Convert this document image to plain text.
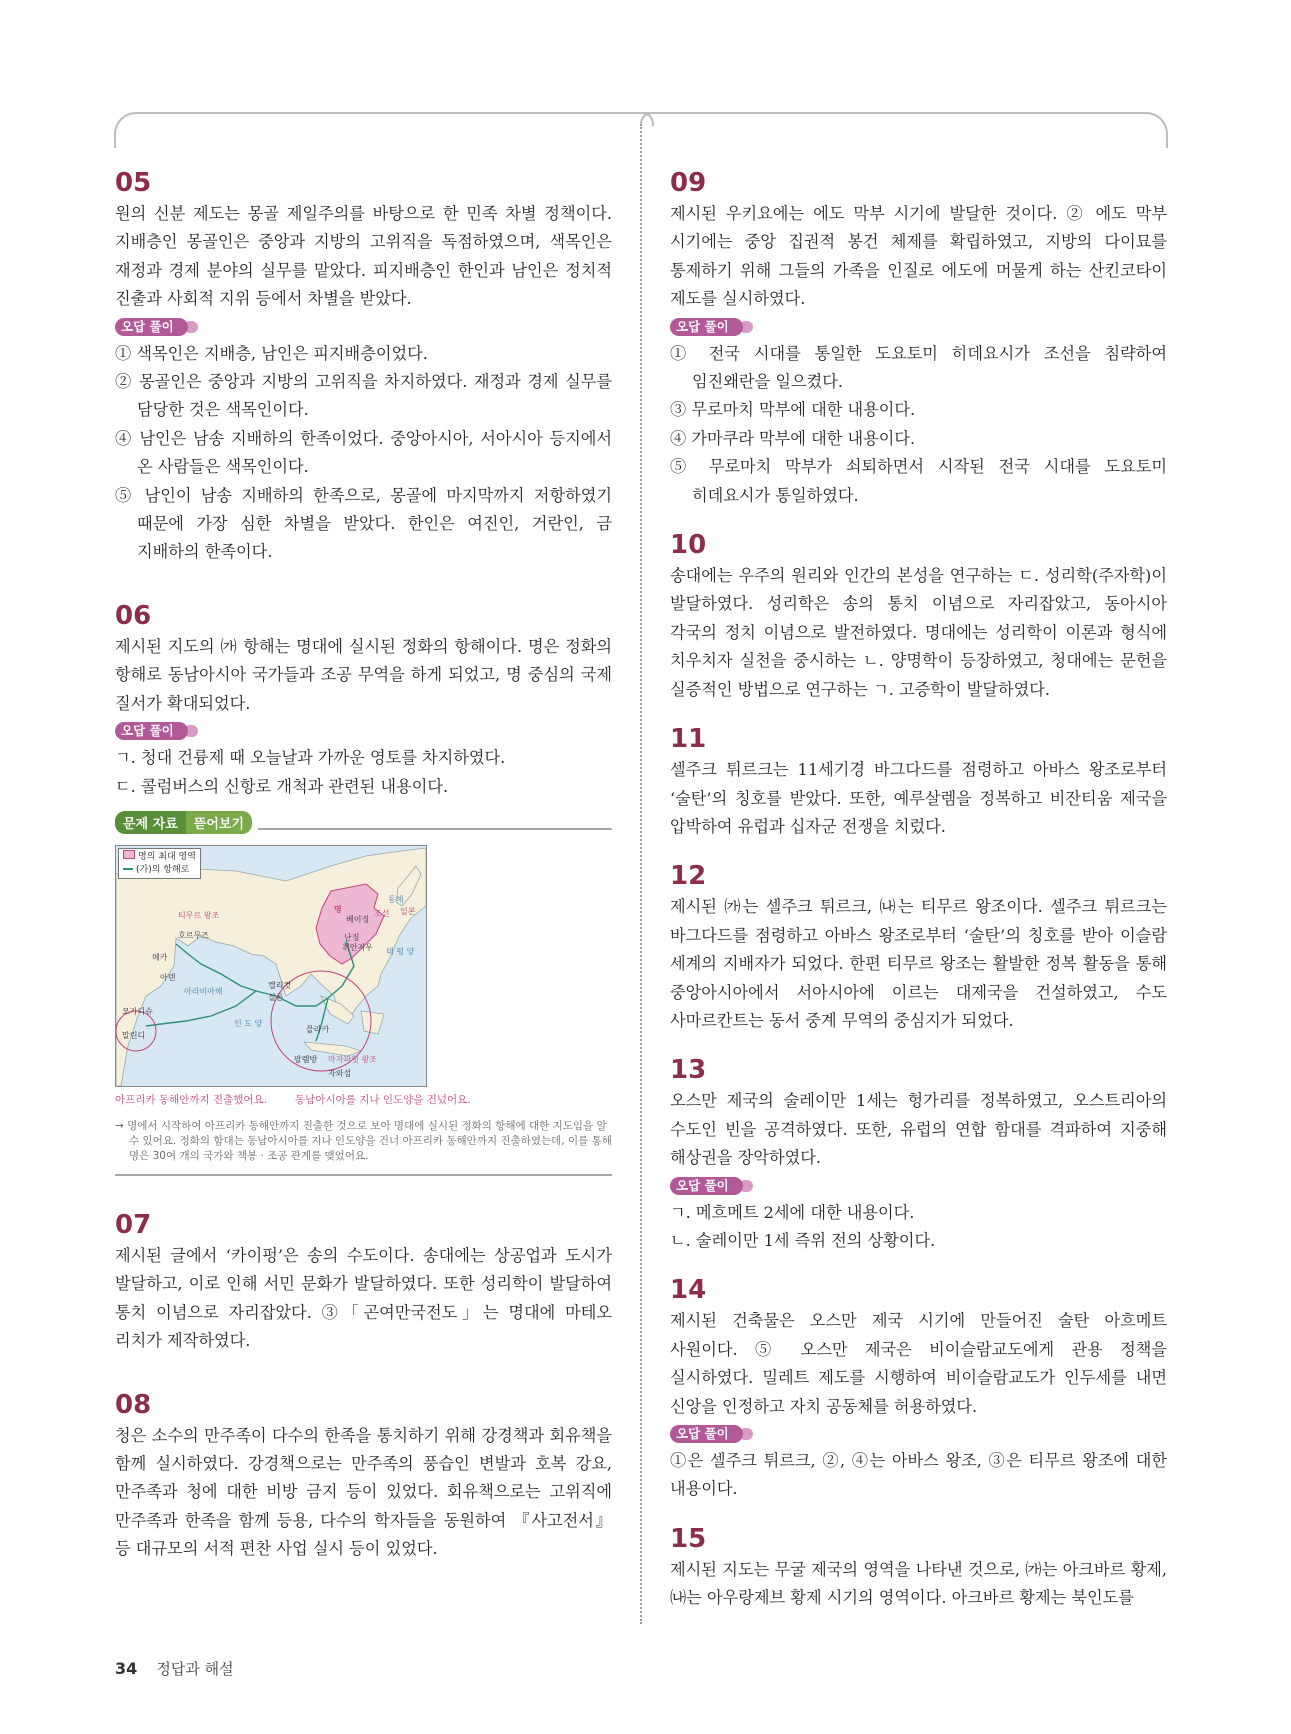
05

원의 신분 제도는 몽골 제일주의를 바탕으로 한 민족 차별 정책이다. 지배층인 몽골인은 중앙과 지방의 고위직을 독점하였으며, 색목인은 재정과 경제 분야의 실무를 맡았다. 피지배층인 한인과 남인은 정치적 진출과 사회적 지위 등에서 차별을 받았다.

오답 풀이

① 색목인은 지배층, 남인은 피지배층이었다.

② 몽골인은 중앙과 지방의 고위직을 차지하였다. 재정과 경제 실무를 담당한 것은 색목인이다.

④ 남인은 남송 지배하의 한족이었다. 중앙아시아, 서아시아 등지에서 온 사람들은 색목인이다.

⑤ 남인이 남송 지배하의 한족으로, 몽골에 마지막까지 저항하였기 때문에 가장 심한 차별을 받았다. 한인은 여진인, 거란인, 금 지배하의 한족이다.

06

제시된 지도의 ㈎ 항해는 명대에 실시된 정화의 항해이다. 명은 정화의 항해로 동남아시아 국가들과 조공 무역을 하게 되었고, 명 중심의 국제 질서가 확대되었다.

오답 풀이

ㄱ. 청대 건륭제 때 오늘날과 가까운 영토를 차지하였다.

ㄷ. 콜럼버스의 신항로 개척과 관련된 내용이다.

문제 자료	뜯어보기
명의 최대 영역
(가)의 항해로
티무르 왕조
명	조선 일본
동해
태 평 양
인 도 양
아라비아해
메카
호르무즈
아덴
모가디슈
말린디
캘리컷
실론
베이징
난징
취안저우
믈라카
팔렘방 마자파힛 왕조
자와섬
아프리카 동해안까지 진출했어요.	동남아시아를 지나 인도양을 건넜어요.
→ 명에서 시작하여 아프리카 동해안까지 진출한 것으로 보아 명대에 실시된 정화의 항해에 대한 지도임을 알 수 있어요. 정화의 함대는 동남아시아를 지나 인도양을 건너 아프리카 동해안까지 진출하였는데, 이를 통해 명은 30여 개의 국가와 책봉 · 조공 관계를 맺었어요.
07

제시된 글에서 ‘카이펑’은 송의 수도이다. 송대에는 상공업과 도시가 발달하고, 이로 인해 서민 문화가 발달하였다. 또한 성리학이 발달하여 통치 이념으로 자리잡았다. ③「곤여만국전도」는 명대에 마테오 리치가 제작하였다.

08

청은 소수의 만주족이 다수의 한족을 통치하기 위해 강경책과 회유책을 함께 실시하였다. 강경책으로는 만주족의 풍습인 변발과 호복 강요, 만주족과 청에 대한 비방 금지 등이 있었다. 회유책으로는 고위직에 만주족과 한족을 함께 등용, 다수의 학자들을 동원하여 『사고전서』 등 대규모의 서적 편찬 사업 실시 등이 있었다.

09

제시된 우키요에는 에도 막부 시기에 발달한 것이다. ② 에도 막부 시기에는 중앙 집권적 봉건 체제를 확립하였고, 지방의 다이묘를 통제하기 위해 그들의 가족을 인질로 에도에 머물게 하는 산킨코타이 제도를 실시하였다.

오답 풀이

① 전국 시대를 통일한 도요토미 히데요시가 조선을 침략하여 임진왜란을 일으켰다.

③ 무로마치 막부에 대한 내용이다.

④ 가마쿠라 막부에 대한 내용이다.

⑤ 무로마치 막부가 쇠퇴하면서 시작된 전국 시대를 도요토미 히데요시가 통일하였다.

10

송대에는 우주의 원리와 인간의 본성을 연구하는 ㄷ. 성리학(주자학)이 발달하였다. 성리학은 송의 통치 이념으로 자리잡았고, 동아시아 각국의 정치 이념으로 발전하였다. 명대에는 성리학이 이론과 형식에 치우치자 실천을 중시하는 ㄴ. 양명학이 등장하였고, 청대에는 문헌을 실증적인 방법으로 연구하는 ㄱ. 고증학이 발달하였다.

11

셀주크 튀르크는 11세기경 바그다드를 점령하고 아바스 왕조로부터 ‘술탄’의 칭호를 받았다. 또한, 예루살렘을 정복하고 비잔티움 제국을 압박하여 유럽과 십자군 전쟁을 치렀다.

12

제시된 ㈎는 셀주크 튀르크, ㈏는 티무르 왕조이다. 셀주크 튀르크는 바그다드를 점령하고 아바스 왕조로부터 ‘술탄’의 칭호를 받아 이슬람 세계의 지배자가 되었다. 한편 티무르 왕조는 활발한 정복 활동을 통해 중앙아시아에서 서아시아에 이르는 대제국을 건설하였고, 수도 사마르칸트는 동서 중계 무역의 중심지가 되었다.

13

오스만 제국의 술레이만 1세는 헝가리를 정복하였고, 오스트리아의 수도인 빈을 공격하였다. 또한, 유럽의 연합 함대를 격파하여 지중해 해상권을 장악하였다.

오답 풀이

ㄱ. 메흐메트 2세에 대한 내용이다.

ㄴ. 술레이만 1세 즉위 전의 상황이다.

14

제시된 건축물은 오스만 제국 시기에 만들어진 술탄 아흐메트 사원이다. ⑤ 오스만 제국은 비이슬람교도에게 관용 정책을 실시하였다. 밀레트 제도를 시행하여 비이슬람교도가 인두세를 내면 신앙을 인정하고 자치 공동체를 허용하였다.

오답 풀이

①은 셀주크 튀르크, ②, ④는 아바스 왕조, ③은 티무르 왕조에 대한 내용이다.

15

제시된 지도는 무굴 제국의 영역을 나타낸 것으로, ㈎는 아크바르 황제, ㈏는 아우랑제브 황제 시기의 영역이다. 아크바르 황제는 북인도를

34 정답과 해설
